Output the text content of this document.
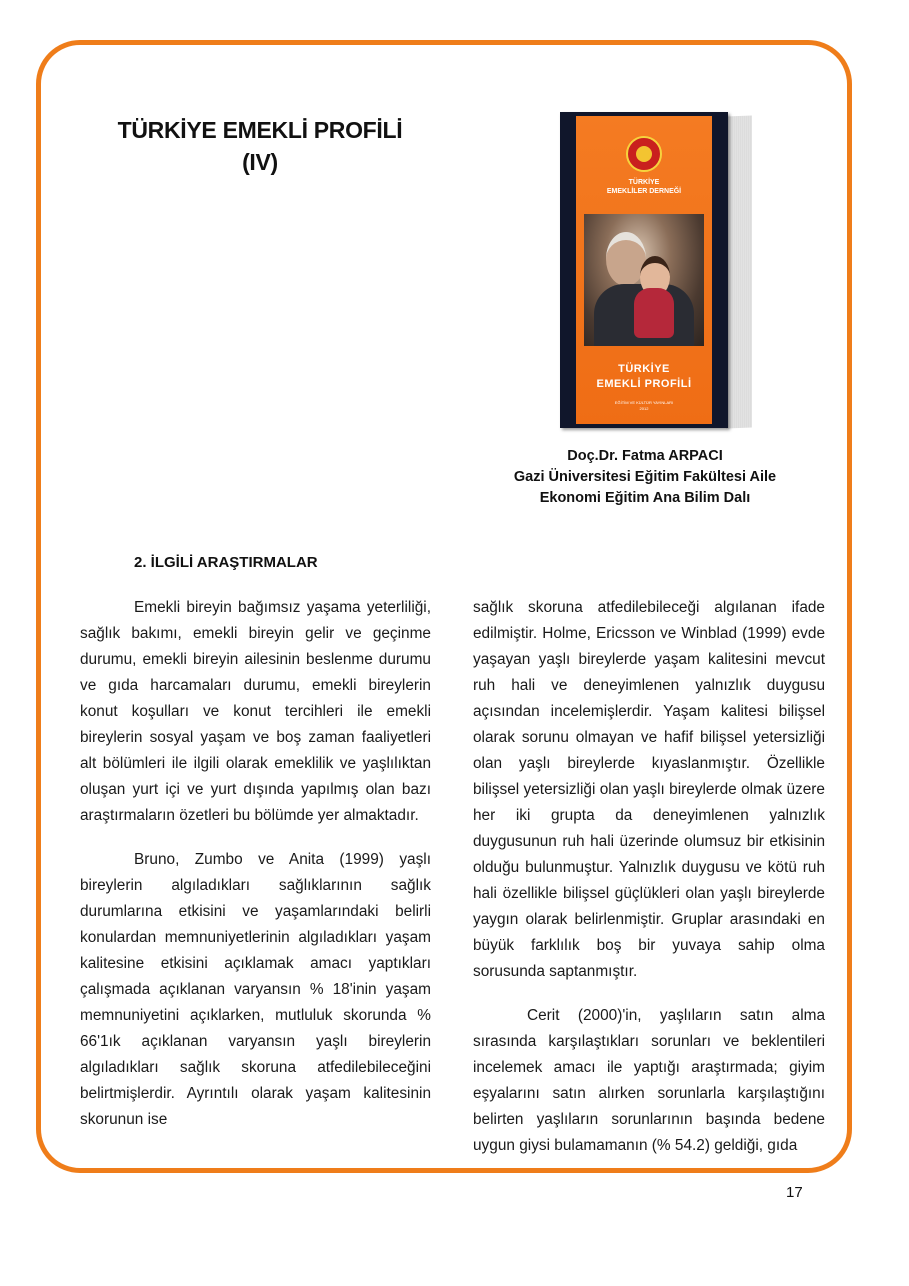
TÜRKİYE EMEKLİ PROFİLİ
(IV)
TÜRKİYE
EMEKLİLER DERNEĞİ
TÜRKİYE
EMEKLİ PROFİLİ
EĞİTİM VE KÜLTÜR YAYINLARI
2012
Doç.Dr. Fatma ARPACI
Gazi Üniversitesi Eğitim Fakültesi Aile
Ekonomi Eğitim Ana Bilim Dalı
2. İLGİLİ ARAŞTIRMALAR

Emekli bireyin bağımsız yaşama yeterliliği, sağlık bakımı, emekli bireyin gelir ve geçinme durumu, emekli bireyin ailesinin beslenme durumu ve gıda harcamaları durumu, emekli bireylerin konut koşulları ve konut tercihleri ile emekli bireylerin sosyal yaşam ve boş zaman faaliyetleri alt bölümleri ile ilgili olarak emeklilik ve yaşlılıktan oluşan yurt içi ve yurt dışında yapılmış olan bazı araştırmaların özetleri bu bölümde yer almaktadır.

Bruno, Zumbo ve Anita (1999) yaşlı bireylerin algıladıkları sağlıklarının sağlık durumlarına etkisini ve yaşamlarındaki belirli konulardan memnuniyetlerinin algıladıkları yaşam kalitesine etkisini açıklamak amacı yaptıkları çalışmada açıklanan varyansın % 18'inin yaşam memnuniyetini açıklarken, mutluluk skorunda % 66'1ık açıklanan varyansın yaşlı bireylerin algıladıkları sağlık skoruna atfedilebileceğini belirtmişlerdir. Ayrıntılı olarak yaşam kalitesinin skorunun ise

sağlık skoruna atfedilebileceği algılanan ifade edilmiştir. Holme, Ericsson ve Winblad (1999) evde yaşayan yaşlı bireylerde yaşam kalitesini mevcut ruh hali ve deneyimlenen yalnızlık duygusu açısından incelemişlerdir. Yaşam kalitesi bilişsel olarak sorunu olmayan ve hafif bilişsel yetersizliği olan yaşlı bireylerde kıyaslanmıştır. Özellikle bilişsel yetersizliği olan yaşlı bireylerde olmak üzere her iki grupta da deneyimlenen yalnızlık duygusunun ruh hali üzerinde olumsuz bir etkisinin olduğu bulunmuştur. Yalnızlık duygusu ve kötü ruh hali özellikle bilişsel güçlükleri olan yaşlı bireylerde yaygın olarak belirlenmiştir. Gruplar arasındaki en büyük farklılık boş bir yuvaya sahip olma sorusunda saptanmıştır.

Cerit (2000)'in, yaşlıların satın alma sırasında karşılaştıkları sorunları ve beklentileri incelemek amacı ile yaptığı araştırmada; giyim eşyalarını satın alırken sorunlarla karşılaştığını belirten yaşlıların sorunlarının başında bedene uygun giysi bulamamanın (% 54.2) geldiği, gıda

17
